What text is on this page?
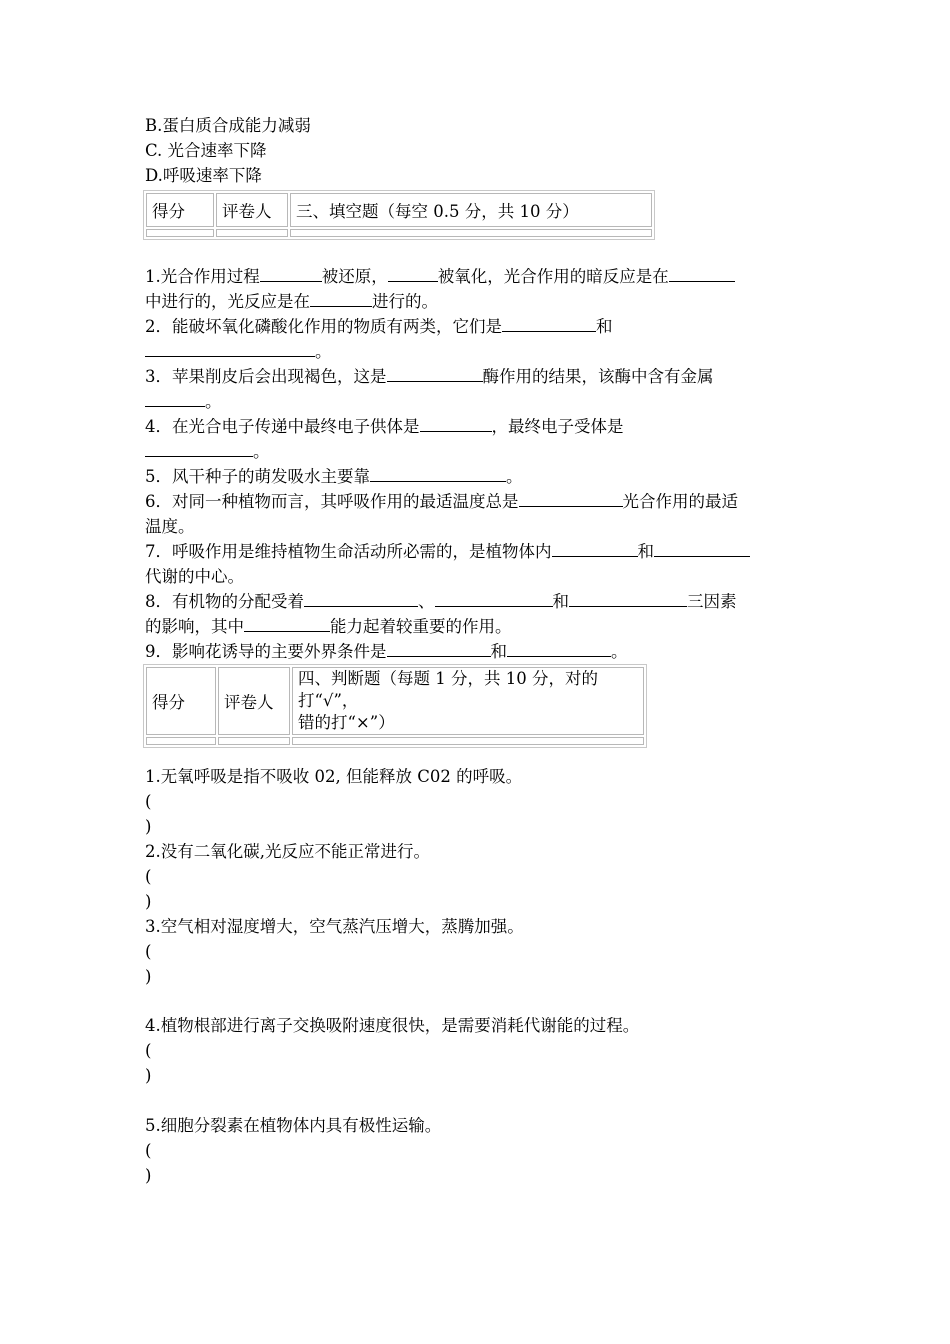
B.蛋白质合成能力减弱
C. 光合速率下降
D.呼吸速率下降
得分	评卷人	三、填空题（每空 0.5 分，共 10 分）

1.光合作用过程	被还原，	被氧化，光合作用的暗反应是在
中进行的，光反应是在	进行的。
2．能破坏氧化磷酸化作用的物质有两类，它们是	和
。
3．苹果削皮后会出现褐色，这是	酶作用的结果，该酶中含有金属
。
4．在光合电子传递中最终电子供体是	，最终电子受体是
。
5．风干种子的萌发吸水主要靠	。
6．对同一种植物而言，其呼吸作用的最适温度总是	光合作用的最适
温度。
7．呼吸作用是维持植物生命活动所必需的，是植物体内	和
代谢的中心。
8．有机物的分配受着	、	和	三因素
的影响，其中	能力起着较重要的作用。
9．影响花诱导的主要外界条件是	和	。
得分	评卷人	四、判断题（每题 1 分，共 10 分，对的打“√”，
错的打“×”）

1.无氧呼吸是指不吸收 02, 但能释放 C02 的呼吸。
(
)
2.没有二氧化碳,光反应不能正常进行。
(
)
3.空气相对湿度增大，空气蒸汽压增大，蒸腾加强。
(
)
4.植物根部进行离子交换吸附速度很快，是需要消耗代谢能的过程。
(
)
5.细胞分裂素在植物体内具有极性运输。
(
)
